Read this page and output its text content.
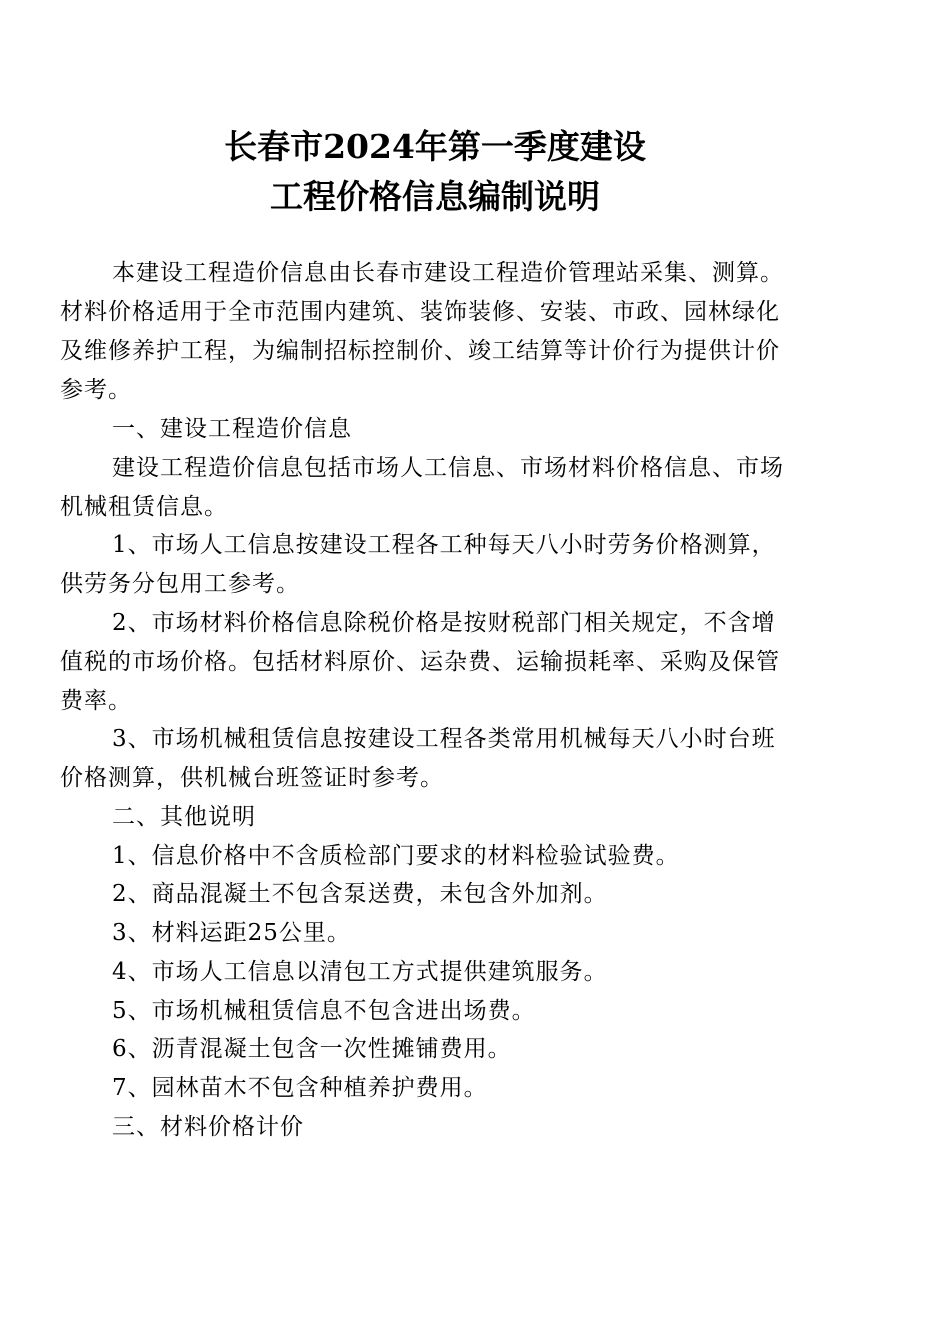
长春市2024年第一季度建设
工程价格信息编制说明
本建设工程造价信息由长春市建设工程造价管理站采集、测算。
材料价格适用于全市范围内建筑、装饰装修、安装、市政、园林绿化
及维修养护工程，为编制招标控制价、竣工结算等计价行为提供计价
参考。
一、建设工程造价信息
建设工程造价信息包括市场人工信息、市场材料价格信息、市场
机械租赁信息。
1、市场人工信息按建设工程各工种每天八小时劳务价格测算，
供劳务分包用工参考。
2、市场材料价格信息除税价格是按财税部门相关规定，不含增
值税的市场价格。包括材料原价、运杂费、运输损耗率、采购及保管
费率。
3、市场机械租赁信息按建设工程各类常用机械每天八小时台班
价格测算，供机械台班签证时参考。
二、其他说明
1、信息价格中不含质检部门要求的材料检验试验费。
2、商品混凝土不包含泵送费，未包含外加剂。
3、材料运距25公里。
4、市场人工信息以清包工方式提供建筑服务。
5、市场机械租赁信息不包含进出场费。
6、沥青混凝土包含一次性摊铺费用。
7、园林苗木不包含种植养护费用。
三、材料价格计价
